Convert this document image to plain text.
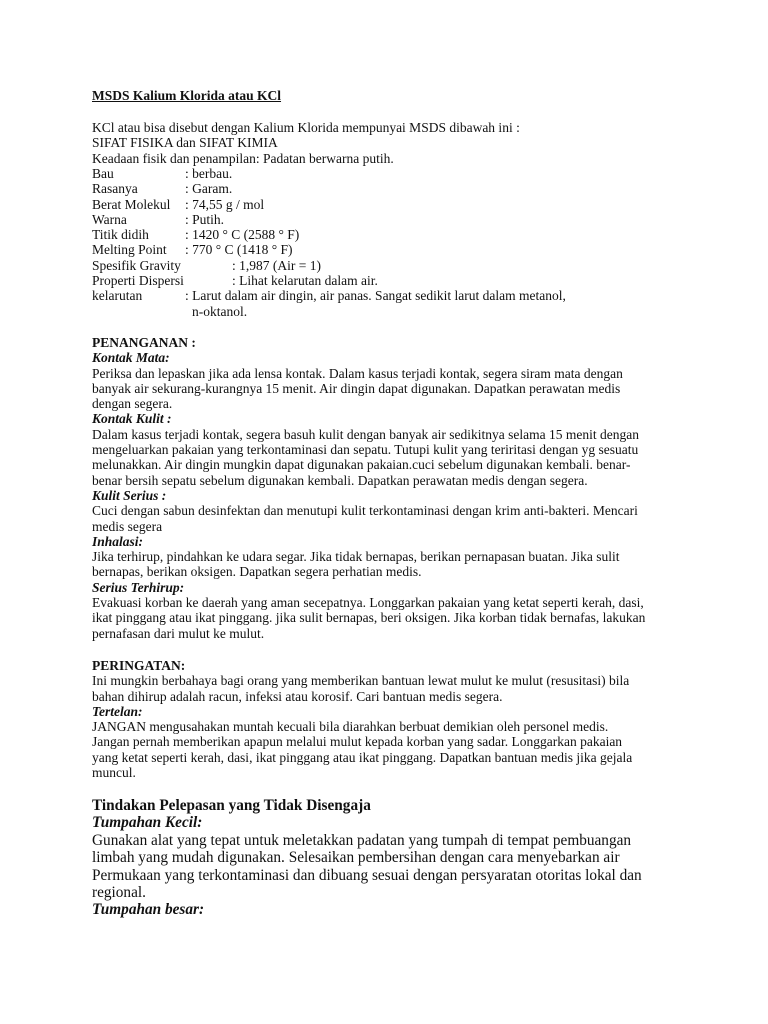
MSDS Kalium Klorida atau KCl
KCl atau bisa disebut dengan Kalium Klorida mempunyai MSDS dibawah ini :
SIFAT FISIKA dan SIFAT KIMIA
Keadaan fisik dan penampilan: Padatan berwarna putih.
Bau	: berbau.
Rasanya	: Garam.
Berat Molekul : 74,55 g / mol
Warna	: Putih.
Titik didih	: 1420 ° C (2588 ° F)
Melting Point : 770 ° C (1418 ° F)
Spesifik Gravity	: 1,987 (Air = 1)
Properti Dispersi	: Lihat kelarutan dalam air.
kelarutan	: Larut dalam air dingin, air panas. Sangat sedikit larut dalam metanol,
n-oktanol.
PENANGANAN :
Kontak Mata:
Periksa dan lepaskan jika ada lensa kontak. Dalam kasus terjadi kontak, segera siram mata dengan
banyak air sekurang-kurangnya 15 menit. Air dingin dapat digunakan. Dapatkan perawatan medis
dengan segera.
Kontak Kulit :
Dalam kasus terjadi kontak, segera basuh kulit dengan banyak air sedikitnya selama 15 menit dengan
mengeluarkan pakaian yang terkontaminasi dan sepatu. Tutupi kulit yang teriritasi dengan yg sesuatu
melunakkan. Air dingin mungkin dapat digunakan pakaian.cuci sebelum digunakan kembali. benar-
benar bersih sepatu sebelum digunakan kembali. Dapatkan perawatan medis dengan segera.
Kulit Serius :
Cuci dengan sabun desinfektan dan menutupi kulit terkontaminasi dengan krim anti-bakteri. Mencari
medis segera
Inhalasi:
Jika terhirup, pindahkan ke udara segar. Jika tidak bernapas, berikan pernapasan buatan. Jika sulit
bernapas, berikan oksigen. Dapatkan segera perhatian medis.
Serius Terhirup:
Evakuasi korban ke daerah yang aman secepatnya. Longgarkan pakaian yang ketat seperti kerah, dasi,
ikat pinggang atau ikat pinggang. jika sulit bernapas, beri oksigen. Jika korban tidak bernafas, lakukan
pernafasan dari mulut ke mulut.
PERINGATAN:
Ini mungkin berbahaya bagi orang yang memberikan bantuan lewat mulut ke mulut (resusitasi) bila
bahan dihirup adalah racun, infeksi atau korosif. Cari bantuan medis segera.
Tertelan:
JANGAN mengusahakan muntah kecuali bila diarahkan berbuat demikian oleh personel medis.
Jangan pernah memberikan apapun melalui mulut kepada korban yang sadar. Longgarkan pakaian
yang ketat seperti kerah, dasi, ikat pinggang atau ikat pinggang. Dapatkan bantuan medis jika gejala
muncul.
Tindakan Pelepasan yang Tidak Disengaja
Tumpahan Kecil:
Gunakan alat yang tepat untuk meletakkan padatan yang tumpah di tempat pembuangan
limbah yang mudah digunakan. Selesaikan pembersihan dengan cara menyebarkan air
Permukaan yang terkontaminasi dan dibuang sesuai dengan persyaratan otoritas lokal dan
regional.
Tumpahan besar:
